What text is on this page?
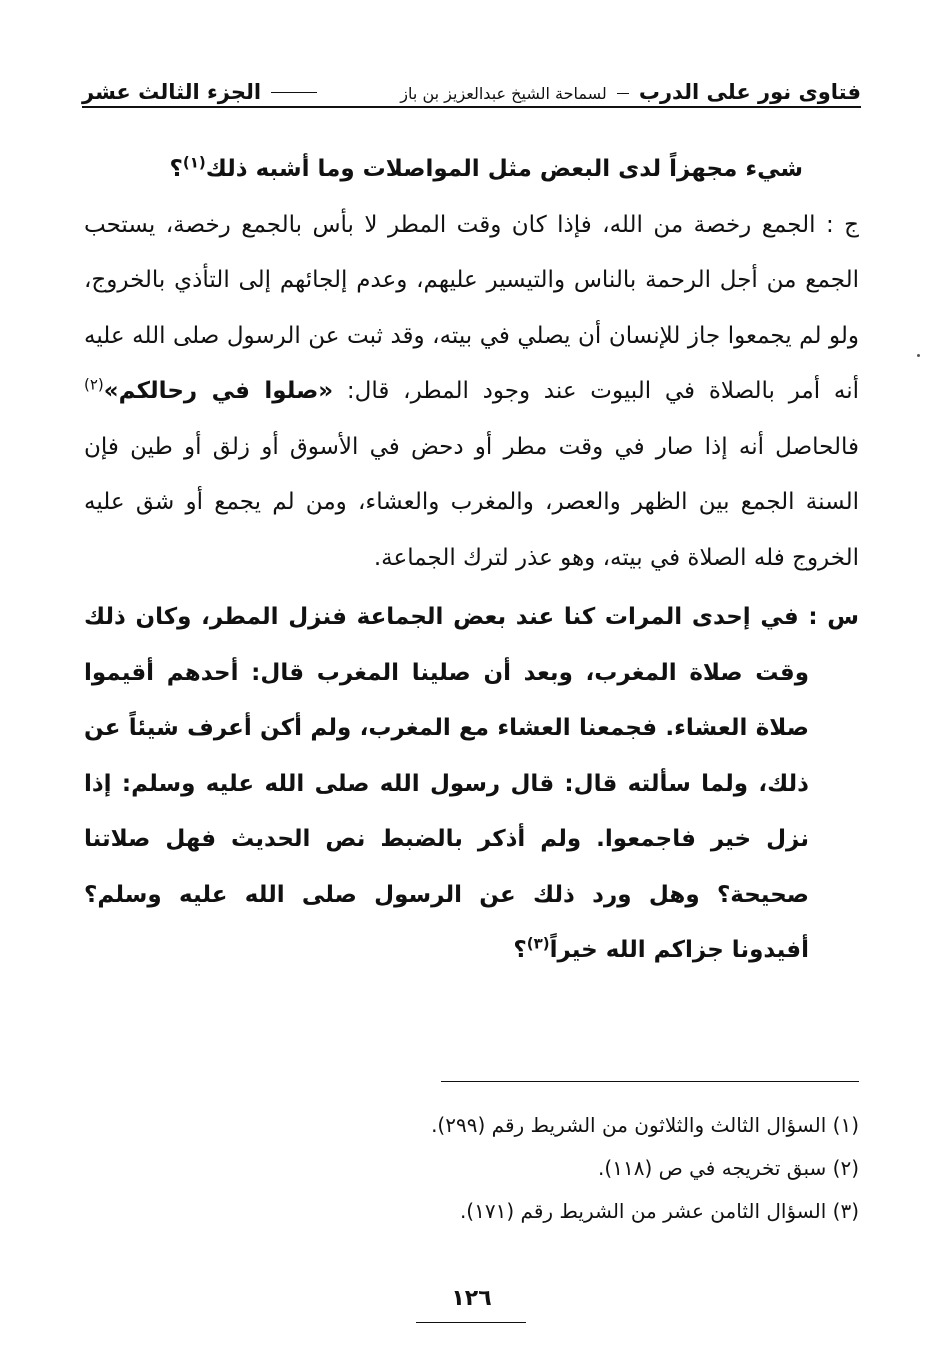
فتاوى نور على الدرب  لسماحة الشيخ عبدالعزيز بن باز
الجزء الثالث عشر

شيء مجهزاً لدى البعض مثل المواصلات وما أشبه ذلك$^{(١)}$؟

ج : الجمع رخصة من الله، فإذا كان وقت المطر لا بأس بالجمع رخصة، يستحب الجمع من أجل الرحمة بالناس والتيسير عليهم، وعدم إلجائهم إلى التأذي بالخروج، ولو لم يجمعوا جاز للإنسان أن يصلي في بيته، وقد ثبت عن الرسول صلى الله عليه أنه أمر بالصلاة في البيوت عند وجود المطر، قال: «صلوا في رحالكم»$^{(٢)}$ فالحاصل أنه إذا صار في وقت مطر أو دحض في الأسوق أو زلق أو طين فإن السنة الجمع بين الظهر والعصر، والمغرب والعشاء، ومن لم يجمع أو شق عليه الخروج فله الصلاة في بيته، وهو عذر لترك الجماعة.

س : في إحدى المرات كنا عند بعض الجماعة فنزل المطر، وكان ذلك وقت صلاة المغرب، وبعد أن صلينا المغرب قال: أحدهم أقيموا صلاة العشاء. فجمعنا العشاء مع المغرب، ولم أكن أعرف شيئاً عن ذلك، ولما سألته قال: قال رسول الله صلى الله عليه وسلم: إذا نزل خير فاجمعوا. ولم أذكر بالضبط نص الحديث فهل صلاتنا صحيحة؟ وهل ورد ذلك عن الرسول صلى الله عليه وسلم؟ أفيدونا جزاكم الله خيراً$^{(٣)}$؟

(١) السؤال الثالث والثلاثون من الشريط رقم (٢٩٩).
(٢) سبق تخريجه في ص (١١٨).
(٣) السؤال الثامن عشر من الشريط رقم (١٧١).
١٢٦
